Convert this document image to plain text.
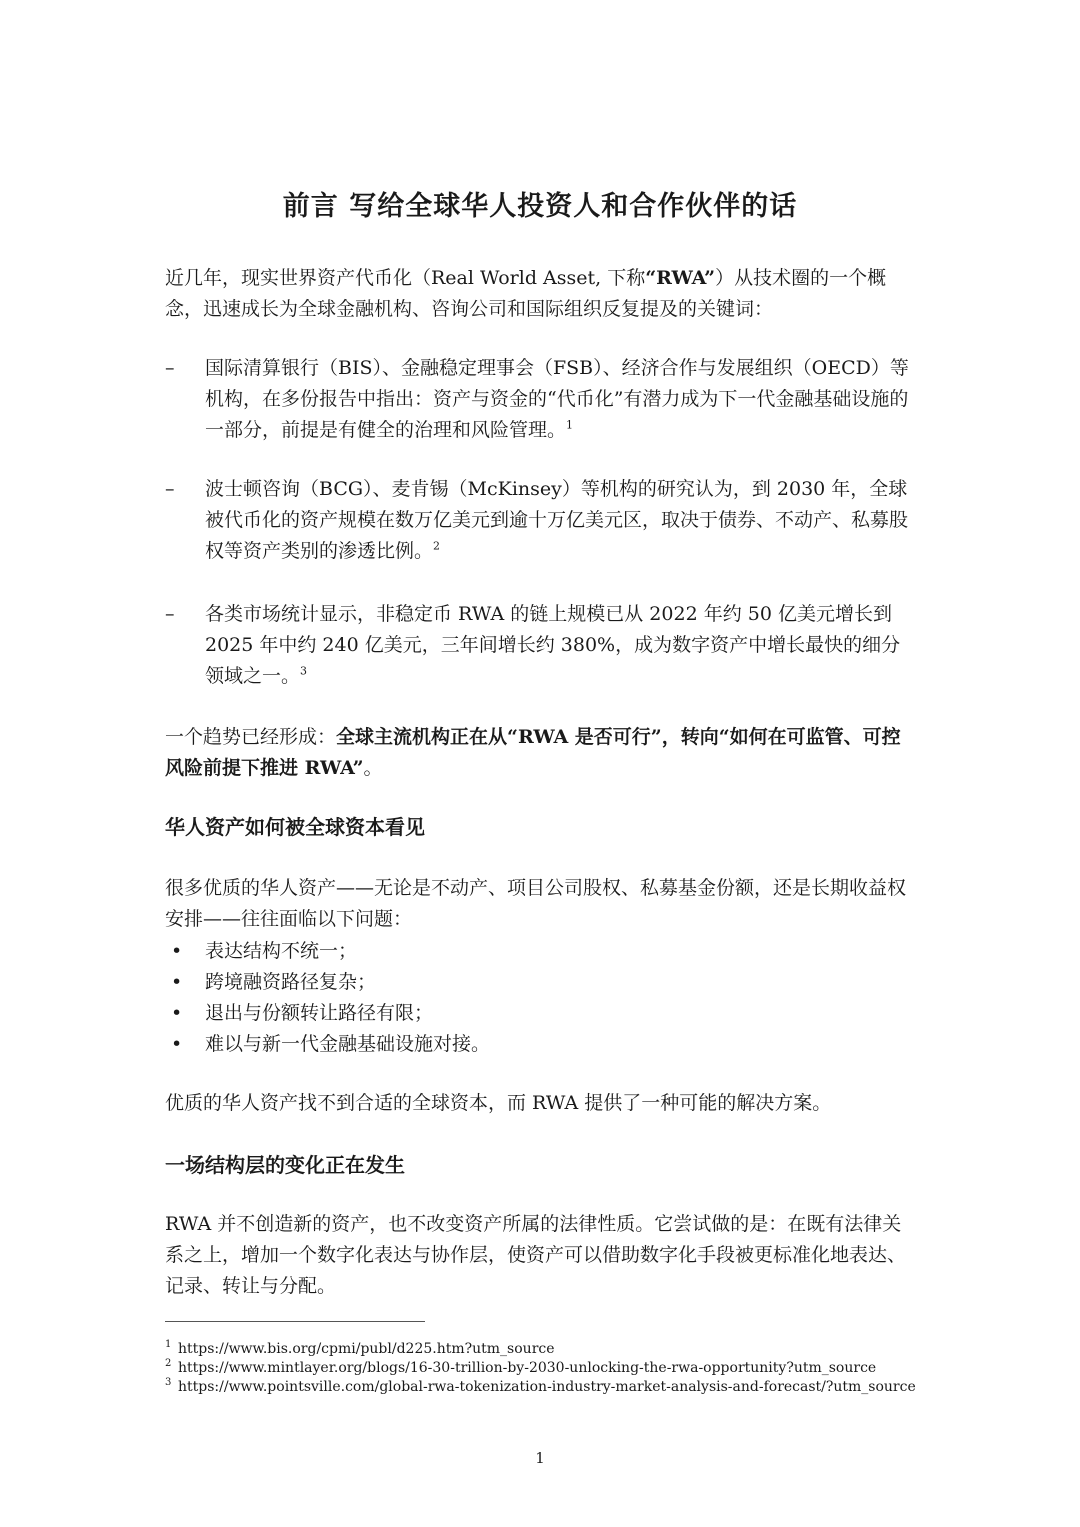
前言 写给全球华人投资人和合作伙伴的话

近几年，现实世界资产代币化（Real World Asset, 下称“RWA”）从技术圈的一个概念，迅速成长为全球金融机构、咨询公司和国际组织反复提及的关键词：

–	国际清算银行（BIS）、金融稳定理事会（FSB）、经济合作与发展组织（OECD）等机构，在多份报告中指出：资产与资金的“代币化”有潜力成为下一代金融基础设施的一部分，前提是有健全的治理和风险管理。$^1$
–	波士顿咨询（BCG）、麦肯锡（McKinsey）等机构的研究认为，到 2030 年，全球被代币化的资产规模在数万亿美元到逾十万亿美元区，取决于债券、不动产、私募股权等资产类别的渗透比例。$^2$
–	各类市场统计显示，非稳定币 RWA 的链上规模已从 2022 年约 50 亿美元增长到 2025 年中约 240 亿美元，三年间增长约 380%，成为数字资产中增长最快的细分领域之一。$^3$

一个趋势已经形成：全球主流机构正在从“RWA 是否可行”，转向“如何在可监管、可控风险前提下推进 RWA”。

华人资产如何被全球资本看见

很多优质的华人资产——无论是不动产、项目公司股权、私募基金份额，还是长期收益权安排——往往面临以下问题：

• 表达结构不统一；
• 跨境融资路径复杂；
• 退出与份额转让路径有限；
• 难以与新一代金融基础设施对接。

优质的华人资产找不到合适的全球资本，而 RWA 提供了一种可能的解决方案。

一场结构层的变化正在发生

RWA 并不创造新的资产，也不改变资产所属的法律性质。它尝试做的是：在既有法律关系之上，增加一个数字化表达与协作层，使资产可以借助数字化手段被更标准化地表达、记录、转让与分配。

1 https://www.bis.org/cpmi/publ/d225.htm?utm_source
2 https://www.mintlayer.org/blogs/16-30-trillion-by-2030-unlocking-the-rwa-opportunity?utm_source
3 https://www.pointsville.com/global-rwa-tokenization-industry-market-analysis-and-forecast/?utm_source
1
